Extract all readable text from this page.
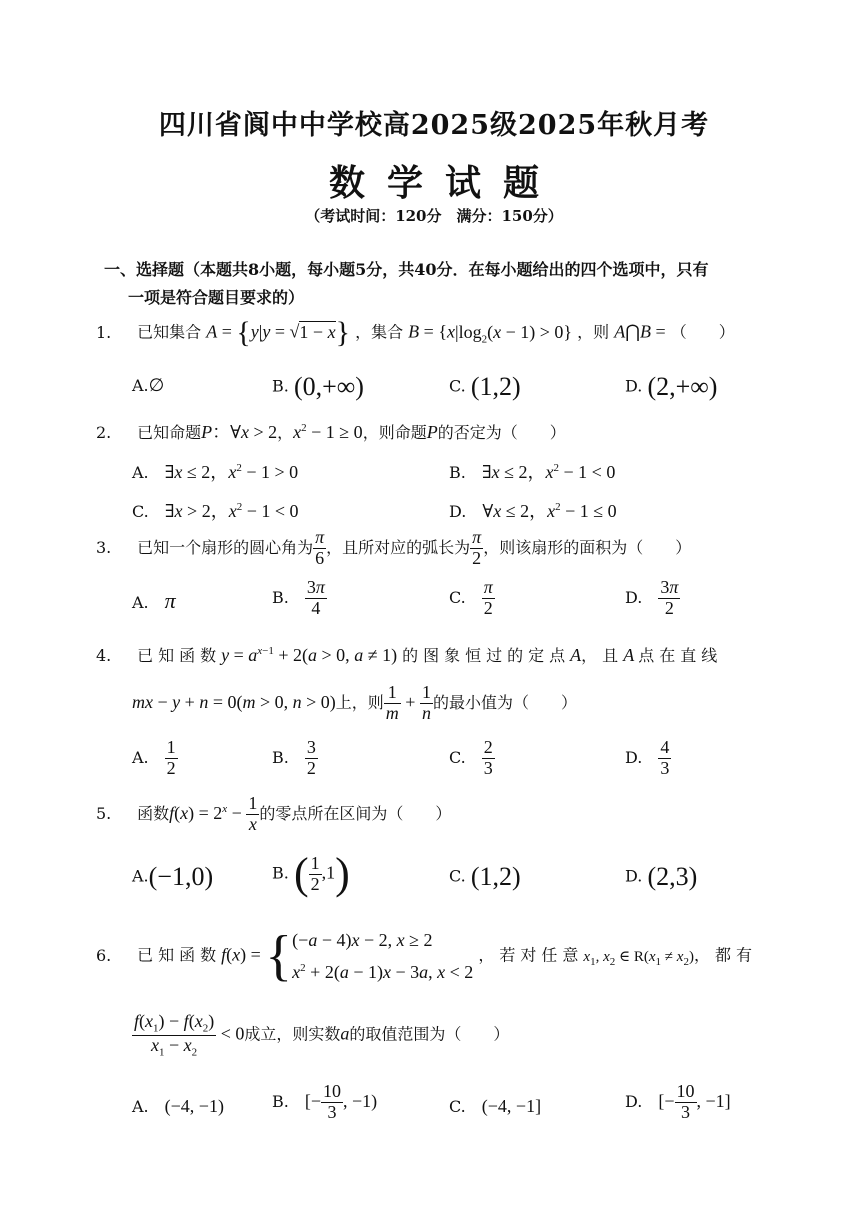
四川省阆中中学校高2025级2025年秋月考
数学试题
（考试时间：120分　满分：150分）
一、选择题（本题共8小题，每小题5分，共40分．在每小题给出的四个选项中，只有
一项是符合题目要求的）
1. 已知集合 A = {y|y = √1 − x} ，集合 $B = \{x|\log_2(x - 1) > 0\}$ ，则 A⋂B = （　　）
A.∅	B. (0,+∞)	C. (1,2)	D. (2,+∞)
2. 已知命题P：∀x > 2，$x^2 - 1 \ge 0$，则命题P的否定为（　　）
A.　 ∃x ≤ 2，$x^2 - 1 > 0$	B.　 ∃x ≤ 2，$x^2 - 1 < 0$
C.　 ∃x > 2，$x^2 - 1 < 0$	D.　 ∀x ≤ 2，$x^2 - 1 \le 0$
3. 已知一个扇形的圆心角为 $\frac{\pi}{6}$ ，且所对应的弧长为 $\frac{\pi}{2}$ ，则该扇形的面积为（　　）
A.　 π	B.　 $\frac{3\pi}{4}$	C.　 $\frac{\pi}{2}$	D.　 $\frac{3\pi}{2}$
4. 已知函数$y = a^{x-1} + 2(a > 0$, a ≠ 1) 的图象恒过的定点A，且A 点在直线
mx − y + n = 0(m > 0, n > 0)上，则 $\frac{1}{m} + \frac{1}{n}$ 的最小值为（　　）
A.　 $\frac{1}{2}$	B.　 $\frac{3}{2}$	C.　 $\frac{2}{3}$	D.　 $\frac{4}{3}$
5. 函数$f(x) = 2^x - \frac{1}{x}$ 的零点所在区间为（　　）
A.(−1,0)	B. ( $\frac{1}{2} ,1$)	C. (1,2)	D. (2,3)
6. 已知函数f(x) = { (−a − 4)x − 2, x ≥ 2
$x^2 + 2(a - 1)x - 3a$, x < 2
，若对任意$x_1$, $x_2$ ∈ $R(x_1 \ne x_2)$，都有
$\frac{f(x_1) - f(x_2)}{x_1 - x_2} < 0$成立，则实数a的取值范围为（　　）
A.　 (−4, −1)	B.　 [− $\frac{10}{3}$ , −1)	C.　 (−4, −1]	D.　 [− $\frac{10}{3}$ , −1]
